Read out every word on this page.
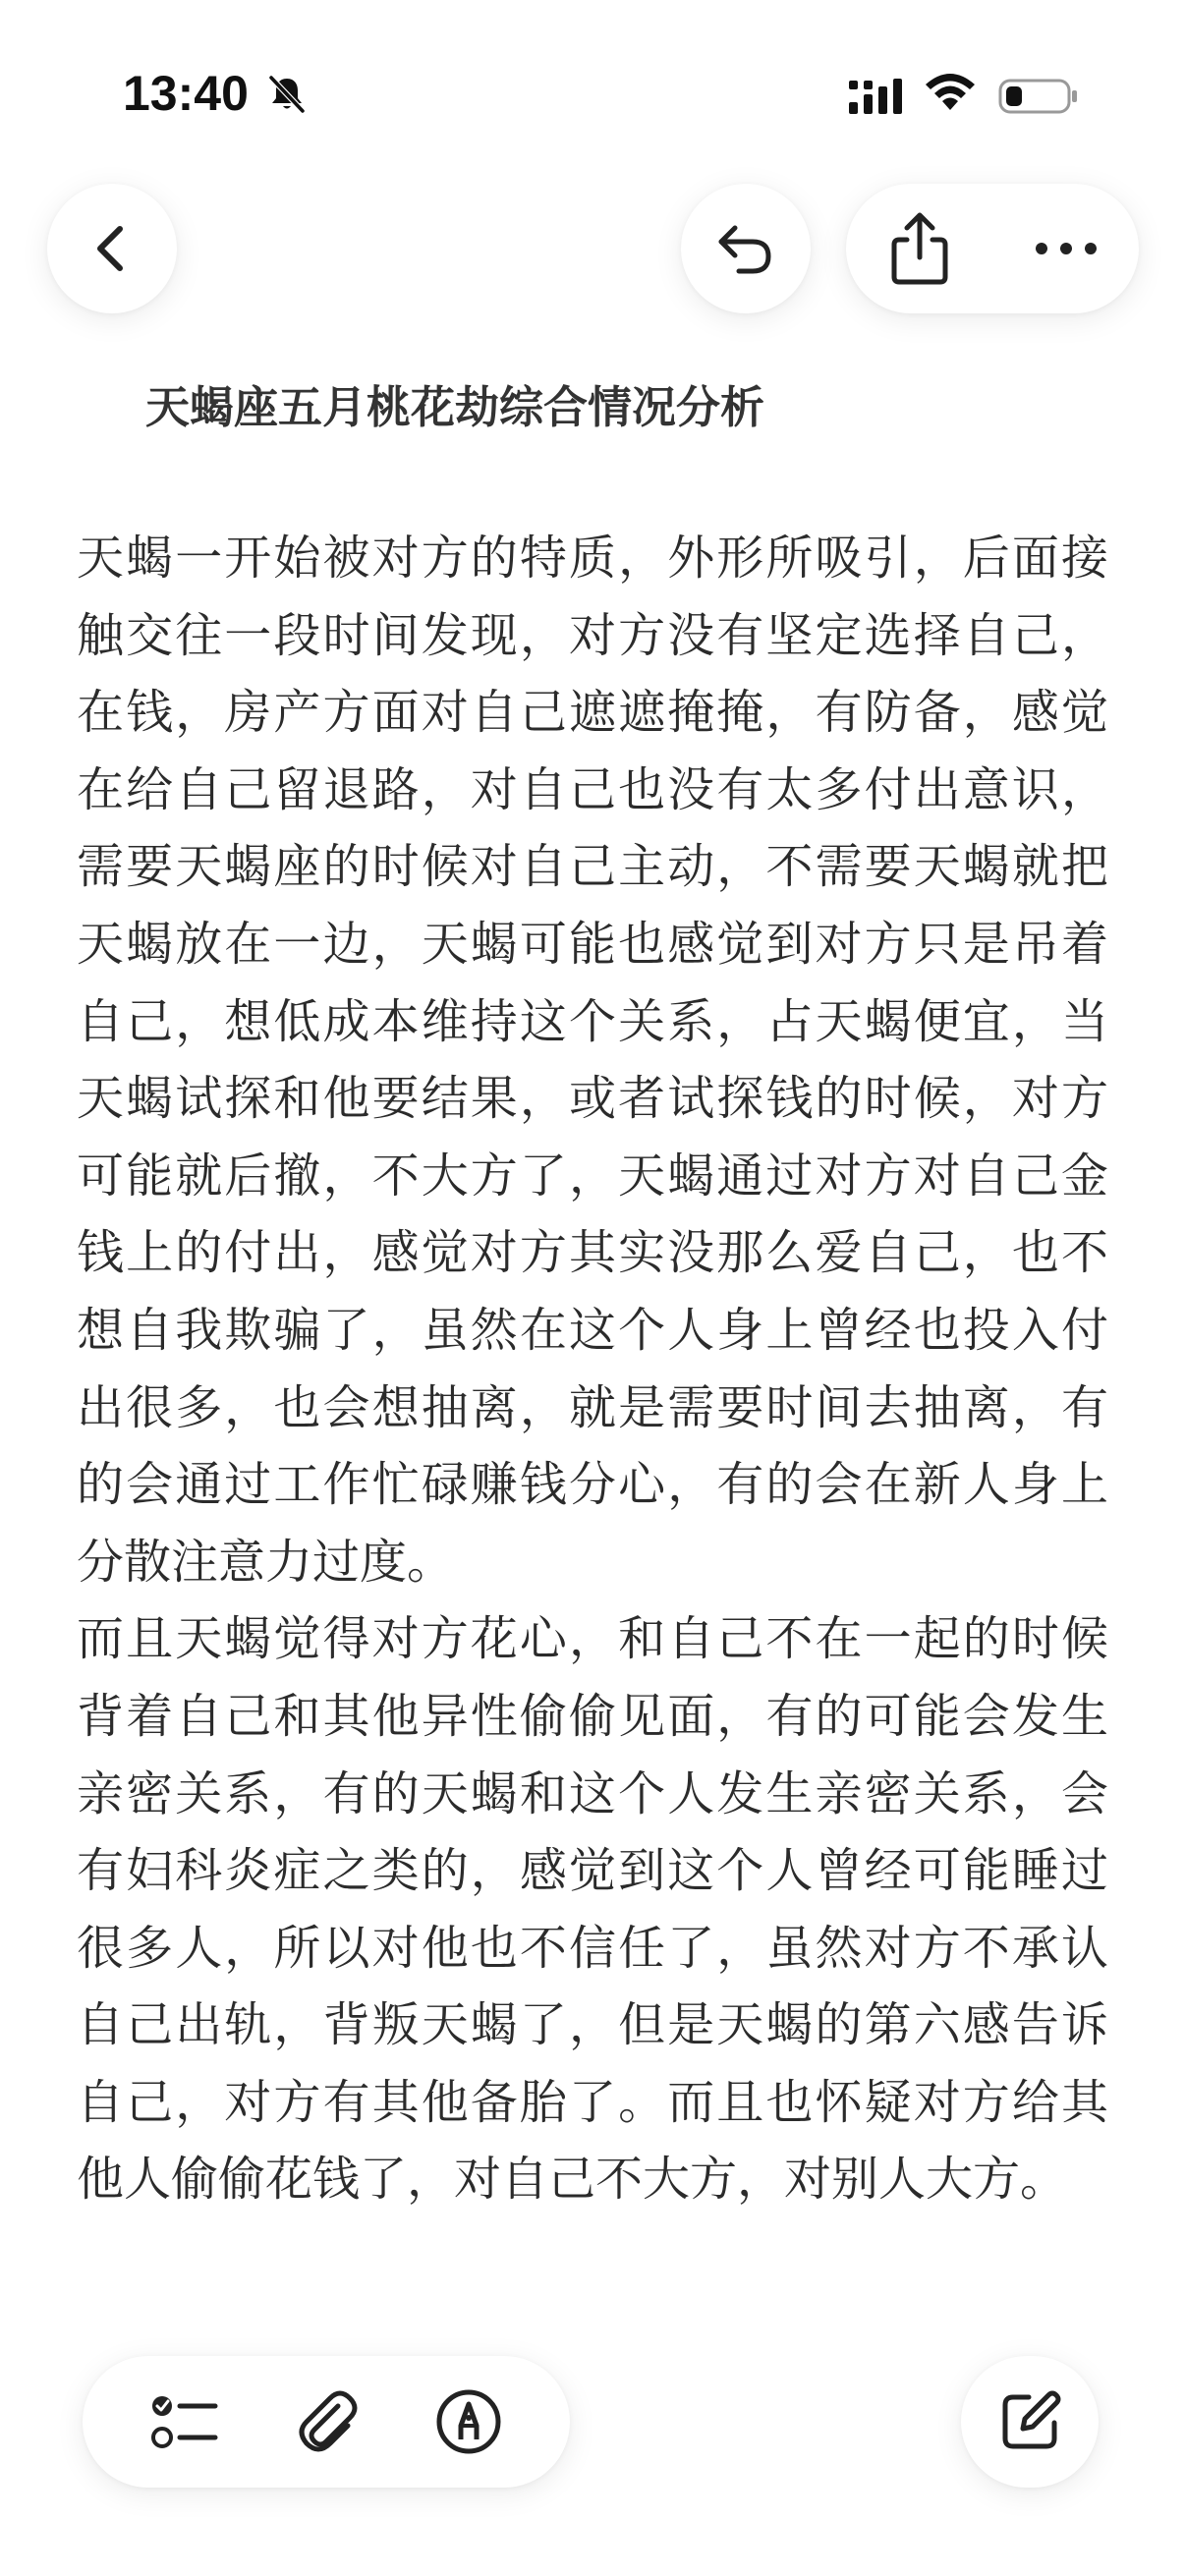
13:40
天蝎座五月桃花劫综合情况分析

天蝎一开始被对方的特质，外形所吸引，后面接触交往一段时间发现，对方没有坚定选择自己，在钱，房产方面对自己遮遮掩掩，有防备，感觉在给自己留退路，对自己也没有太多付出意识，需要天蝎座的时候对自己主动，不需要天蝎就把天蝎放在一边，天蝎可能也感觉到对方只是吊着自己，想低成本维持这个关系，占天蝎便宜，当天蝎试探和他要结果，或者试探钱的时候，对方可能就后撤，不大方了，天蝎通过对方对自己金钱上的付出，感觉对方其实没那么爱自己，也不想自我欺骗了，虽然在这个人身上曾经也投入付出很多，也会想抽离，就是需要时间去抽离，有的会通过工作忙碌赚钱分心，有的会在新人身上分散注意力过度。

而且天蝎觉得对方花心，和自己不在一起的时候背着自己和其他异性偷偷见面，有的可能会发生亲密关系，有的天蝎和这个人发生亲密关系，会有妇科炎症之类的，感觉到这个人曾经可能睡过很多人，所以对他也不信任了，虽然对方不承认自己出轨，背叛天蝎了，但是天蝎的第六感告诉自己，对方有其他备胎了。而且也怀疑对方给其他人偷偷花钱了，对自己不大方，对别人大方。
